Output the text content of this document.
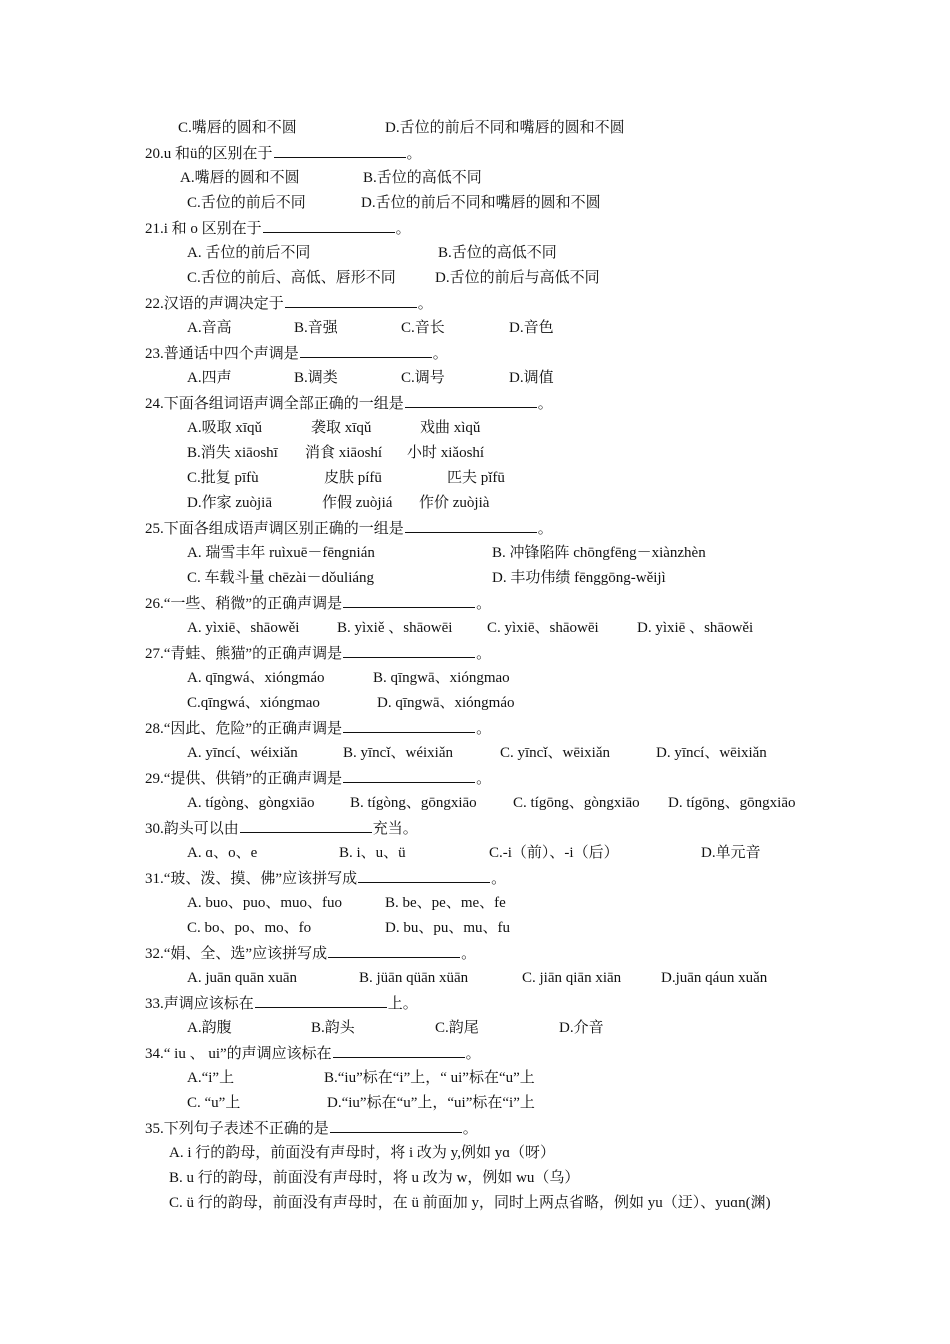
C.嘴唇的圆和不圆	D.舌位的前后不同和嘴唇的圆和不圆
20.u 和ü的区别在于	。
A.嘴唇的圆和不圆	B.舌位的高低不同
C.舌位的前后不同	D.舌位的前后不同和嘴唇的圆和不圆
21.i 和 o 区别在于	。
A. 舌位的前后不同	B.舌位的高低不同
C.舌位的前后、高低、唇形不同	D.舌位的前后与高低不同
22.汉语的声调决定于	。
A.音高	B.音强	C.音长	D.音色
23.普通话中四个声调是	。
A.四声	B.调类	C.调号	D.调值
24.下面各组词语声调全部正确的一组是	。
A.吸取 xīqǔ	袭取 xīqǔ	戏曲 xìqǔ
B.消失 xiāoshī 消食 xiāoshí 小时 xiǎoshí
C.批复 pīfù	皮肤 pífū	匹夫 pǐfū
D.作家 zuòjiā	作假 zuòjiá 作价 zuòjià
25.下面各组成语声调区别正确的一组是	。
A. 瑞雪丰年 ruìxuē－fēngnián	B. 冲锋陷阵 chōngfēng－xiànzhèn
C. 车载斗量 chēzài－dǒuliáng	D. 丰功伟绩 fēnggōng-wěijì
26.“一些、稍微”的正确声调是	。
A. yìxiē、shāowěi	B. yìxiě 、shāowēi C. yìxiē、shāowēi	D. yìxiē 、shāowěi
27.“青蛙、熊猫”的正确声调是	。
A. qīngwá、xióngmáo	B. qīngwā、xióngmao
C.qīngwá、xióngmao	D. qīngwā、xióngmáo
28.“因此、危险”的正确声调是	。
A. yīncí、wéixiǎn	B. yīncǐ、wéixiǎn	C. yīncǐ、wēixiǎn	D. yīncí、wēixiǎn
29.“提供、供销”的正确声调是	。
A. tígòng、gòngxiāo B. tígòng、gōngxiāo C. tígōng、gòngxiāo D. tígōng、gōngxiāo
30.韵头可以由	充当。
A. ɑ、o、e	B. i、u、ü	C.-i（前）、-i（后）	D.单元音
31.“玻、泼、摸、佛”应该拼写成	。
A. buo、puo、muo、fuo	B. be、pe、me、fe
C. bo、po、mo、fo	D. bu、pu、mu、fu
32.“娟、全、选”应该拼写成	。
A. juān quān xuān	B. jüān qüān xüān	C. jiān qiān xiān	D.juān qáun xuǎn
33.声调应该标在	上。
A.韵腹	B.韵头	C.韵尾	D.介音
34.“ iu 、 ui”的声调应该标在	。
A.“i”上	B.“iu”标在“i”上，“ ui”标在“u”上
C. “u”上	D.“iu”标在“u”上，“ui”标在“i”上
35.下列句子表述不正确的是	。
A. i 行的韵母，前面没有声母时，将 i 改为 y,例如 yɑ（呀）
B. u 行的韵母，前面没有声母时，将 u 改为 w，例如 wu（乌）
C. ü 行的韵母，前面没有声母时，在 ü 前面加 y，同时上两点省略，例如 yu（迂）、yuɑn(渊)
